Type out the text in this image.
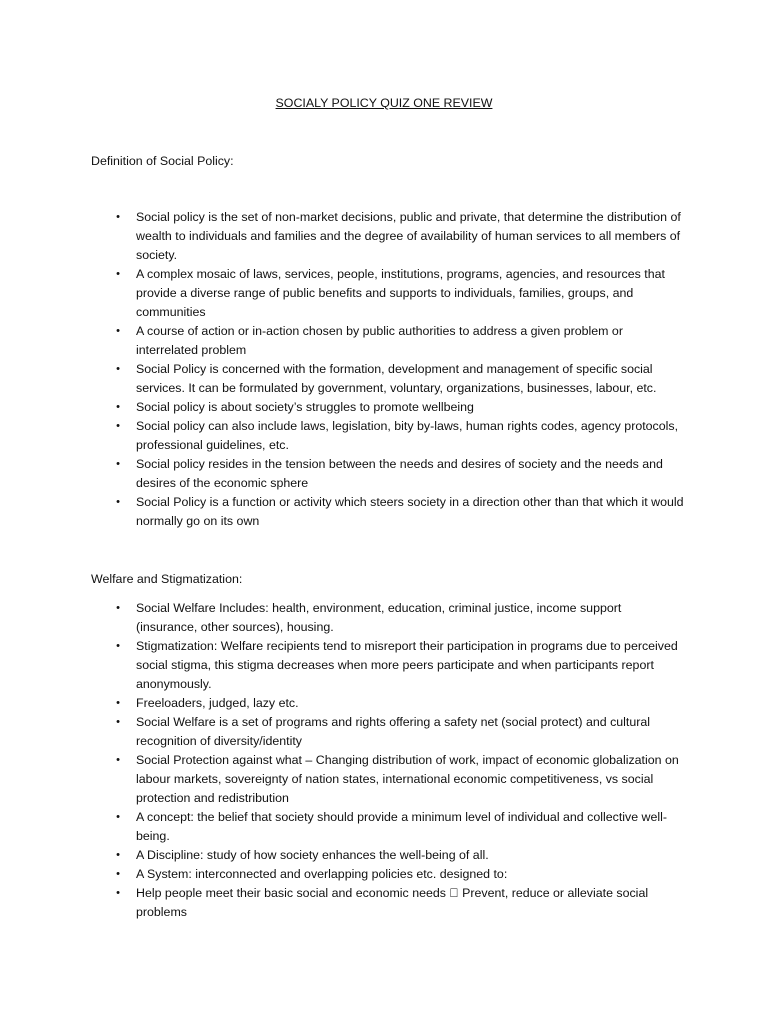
SOCIALY POLICY QUIZ ONE REVIEW
Definition of Social Policy:
• Social policy is the set of non-market decisions, public and private, that determine the distribution of wealth to individuals and families and the degree of availability of human services to all members of society.
• A complex mosaic of laws, services, people, institutions, programs, agencies, and resources that provide a diverse range of public benefits and supports to individuals, families, groups, and communities
• A course of action or in-action chosen by public authorities to address a given problem or interrelated problem
• Social Policy is concerned with the formation, development and management of specific social services. It can be formulated by government, voluntary, organizations, businesses, labour, etc.
• Social policy is about society’s struggles to promote wellbeing
• Social policy can also include laws, legislation, bity by-laws, human rights codes, agency protocols, professional guidelines, etc.
• Social policy resides in the tension between the needs and desires of society and the needs and desires of the economic sphere
• Social Policy is a function or activity which steers society in a direction other than that which it would normally go on its own
Welfare and Stigmatization:
• Social Welfare Includes: health, environment, education, criminal justice, income support (insurance, other sources), housing.
• Stigmatization: Welfare recipients tend to misreport their participation in programs due to perceived social stigma, this stigma decreases when more peers participate and when participants report anonymously.
• Freeloaders, judged, lazy etc.
• Social Welfare is a set of programs and rights offering a safety net (social protect) and cultural recognition of diversity/identity
• Social Protection against what – Changing distribution of work, impact of economic globalization on labour markets, sovereignty of nation states, international economic competitiveness, vs social protection and redistribution
• A concept: the belief that society should provide a minimum level of individual and collective well-being.
• A Discipline: study of how society enhances the well-being of all.
• A System: interconnected and overlapping policies etc. designed to:
• Help people meet their basic social and economic needs Prevent, reduce or alleviate social problems
